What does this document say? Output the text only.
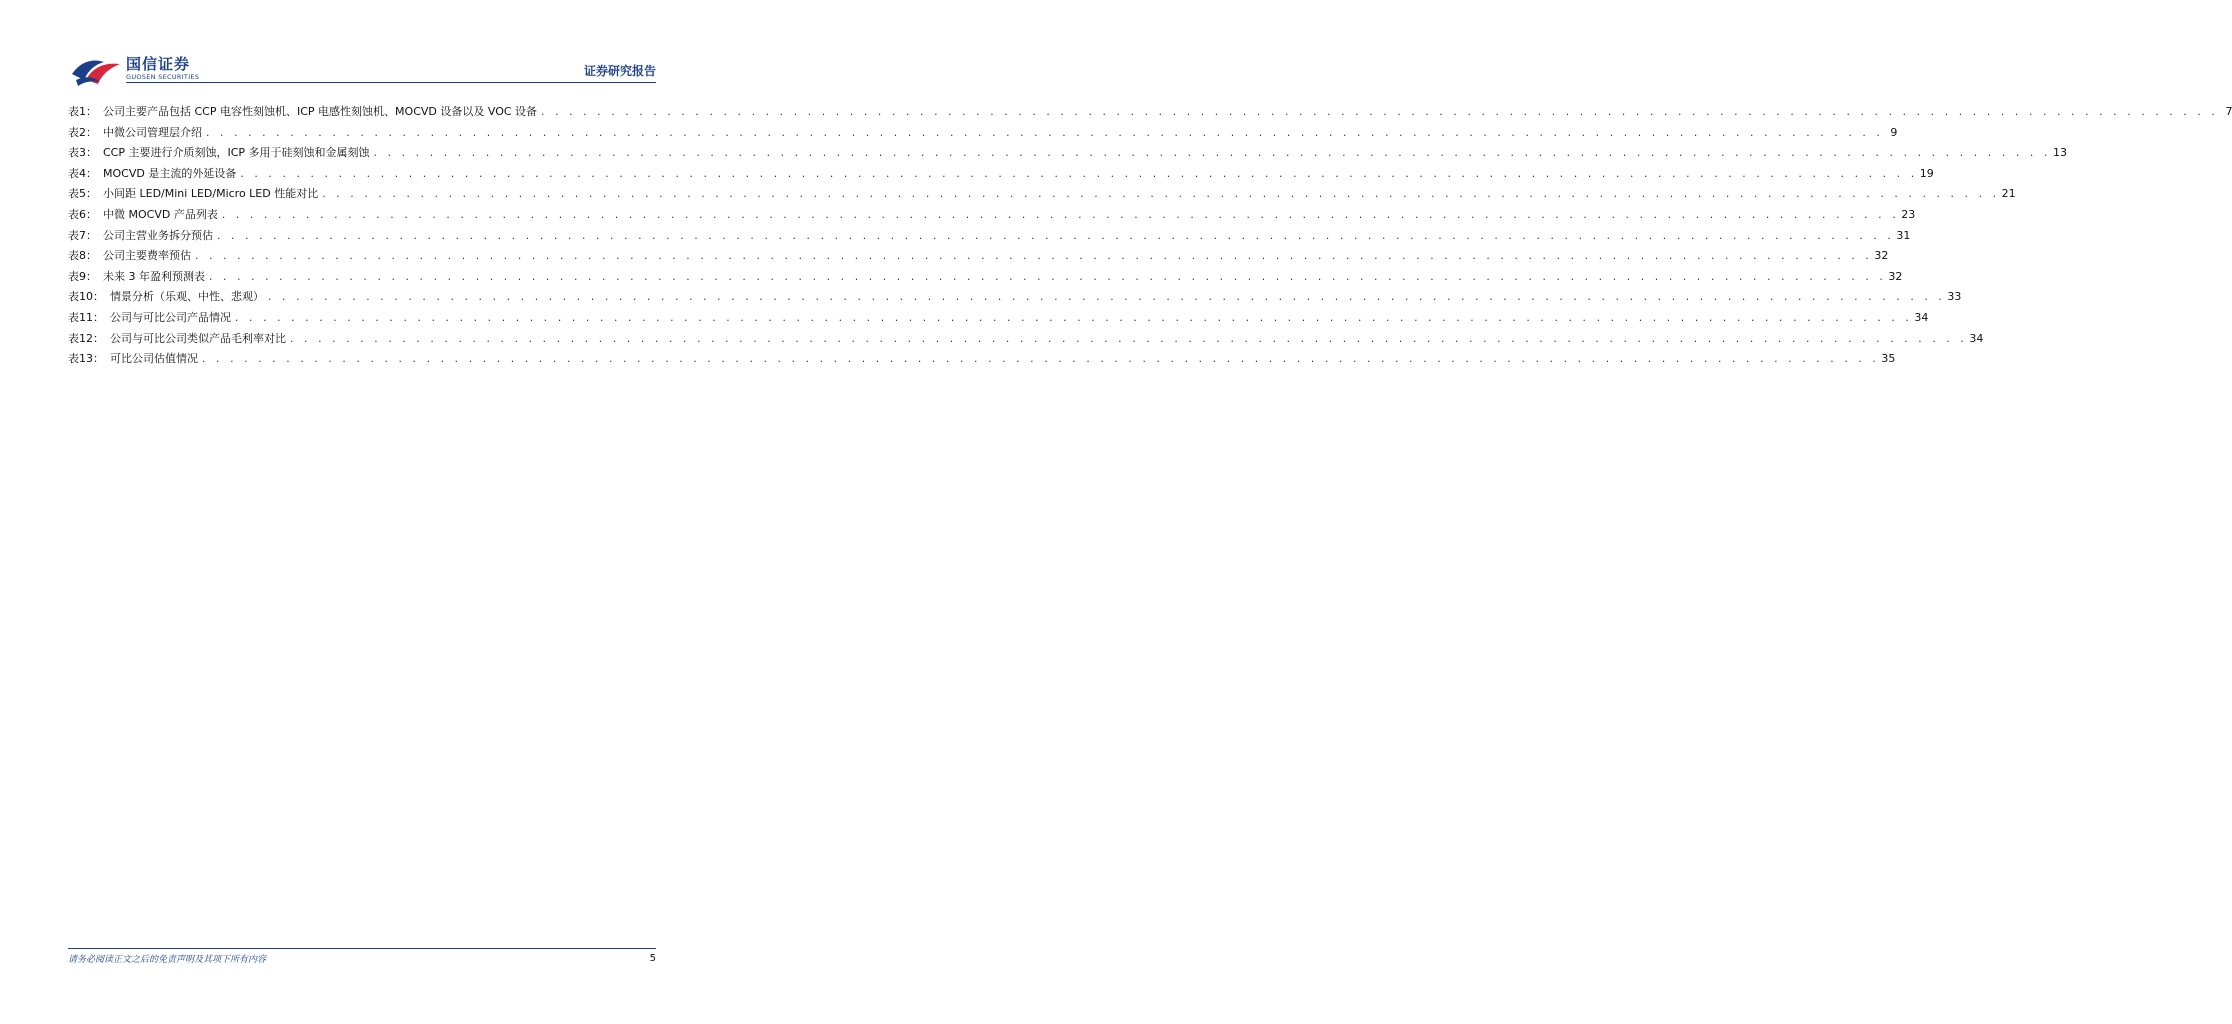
国信证券
GUOSEN SECURITIES	证券研究报告
表1： 公司主要产品包括 CCP 电容性刻蚀机、ICP 电感性刻蚀机、MOCVD 设备以及 VOC 设备 . . . . . . . . . . . . . . . . . . . . . . . . . . . . . . . . . . . . . . . . . . . . . . . . . . . . . . . . . . . . . . . . . . . . . . . . . . . . . . . . . . . . . . . . . . . . . . . . . . . . . . . . . . . . . . . . . . . . . . . . 7
表2： 中微公司管理层介绍 . . . . . . . . . . . . . . . . . . . . . . . . . . . . . . . . . . . . . . . . . . . . . . . . . . . . . . . . . . . . . . . . . . . . . . . . . . . . . . . . . . . . . . . . . . . . . . . . . . . . . . . . . . . . . . . . . . . . . . . . 9
表3： CCP 主要进行介质刻蚀，ICP 多用于硅刻蚀和金属刻蚀 . . . . . . . . . . . . . . . . . . . . . . . . . . . . . . . . . . . . . . . . . . . . . . . . . . . . . . . . . . . . . . . . . . . . . . . . . . . . . . . . . . . . . . . . . . . . . . . . . . . . . . . . . . . . . . . . . . . . . . . . 13
表4： MOCVD 是主流的外延设备 . . . . . . . . . . . . . . . . . . . . . . . . . . . . . . . . . . . . . . . . . . . . . . . . . . . . . . . . . . . . . . . . . . . . . . . . . . . . . . . . . . . . . . . . . . . . . . . . . . . . . . . . . . . . . . . . . . . . . . . . 19
表5： 小间距 LED/Mini LED/Micro LED 性能对比 . . . . . . . . . . . . . . . . . . . . . . . . . . . . . . . . . . . . . . . . . . . . . . . . . . . . . . . . . . . . . . . . . . . . . . . . . . . . . . . . . . . . . . . . . . . . . . . . . . . . . . . . . . . . . . . . . . . . . . . . 21
表6： 中微 MOCVD 产品列表 . . . . . . . . . . . . . . . . . . . . . . . . . . . . . . . . . . . . . . . . . . . . . . . . . . . . . . . . . . . . . . . . . . . . . . . . . . . . . . . . . . . . . . . . . . . . . . . . . . . . . . . . . . . . . . . . . . . . . . . . 23
表7： 公司主营业务拆分预估 . . . . . . . . . . . . . . . . . . . . . . . . . . . . . . . . . . . . . . . . . . . . . . . . . . . . . . . . . . . . . . . . . . . . . . . . . . . . . . . . . . . . . . . . . . . . . . . . . . . . . . . . . . . . . . . . . . . . . . . . 31
表8： 公司主要费率预估 . . . . . . . . . . . . . . . . . . . . . . . . . . . . . . . . . . . . . . . . . . . . . . . . . . . . . . . . . . . . . . . . . . . . . . . . . . . . . . . . . . . . . . . . . . . . . . . . . . . . . . . . . . . . . . . . . . . . . . . . 32
表9： 未来 3 年盈利预测表 . . . . . . . . . . . . . . . . . . . . . . . . . . . . . . . . . . . . . . . . . . . . . . . . . . . . . . . . . . . . . . . . . . . . . . . . . . . . . . . . . . . . . . . . . . . . . . . . . . . . . . . . . . . . . . . . . . . . . . . . 32
表10： 情景分析（乐观、中性、悲观） . . . . . . . . . . . . . . . . . . . . . . . . . . . . . . . . . . . . . . . . . . . . . . . . . . . . . . . . . . . . . . . . . . . . . . . . . . . . . . . . . . . . . . . . . . . . . . . . . . . . . . . . . . . . . . . . . . . . . . . . 33
表11： 公司与可比公司产品情况 . . . . . . . . . . . . . . . . . . . . . . . . . . . . . . . . . . . . . . . . . . . . . . . . . . . . . . . . . . . . . . . . . . . . . . . . . . . . . . . . . . . . . . . . . . . . . . . . . . . . . . . . . . . . . . . . . . . . . . . . 34
表12： 公司与可比公司类似产品毛利率对比 . . . . . . . . . . . . . . . . . . . . . . . . . . . . . . . . . . . . . . . . . . . . . . . . . . . . . . . . . . . . . . . . . . . . . . . . . . . . . . . . . . . . . . . . . . . . . . . . . . . . . . . . . . . . . . . . . . . . . . . . 34
表13： 可比公司估值情况 . . . . . . . . . . . . . . . . . . . . . . . . . . . . . . . . . . . . . . . . . . . . . . . . . . . . . . . . . . . . . . . . . . . . . . . . . . . . . . . . . . . . . . . . . . . . . . . . . . . . . . . . . . . . . . . . . . . . . . . . 35
请务必阅读正文之后的免责声明及其项下所有内容	5
